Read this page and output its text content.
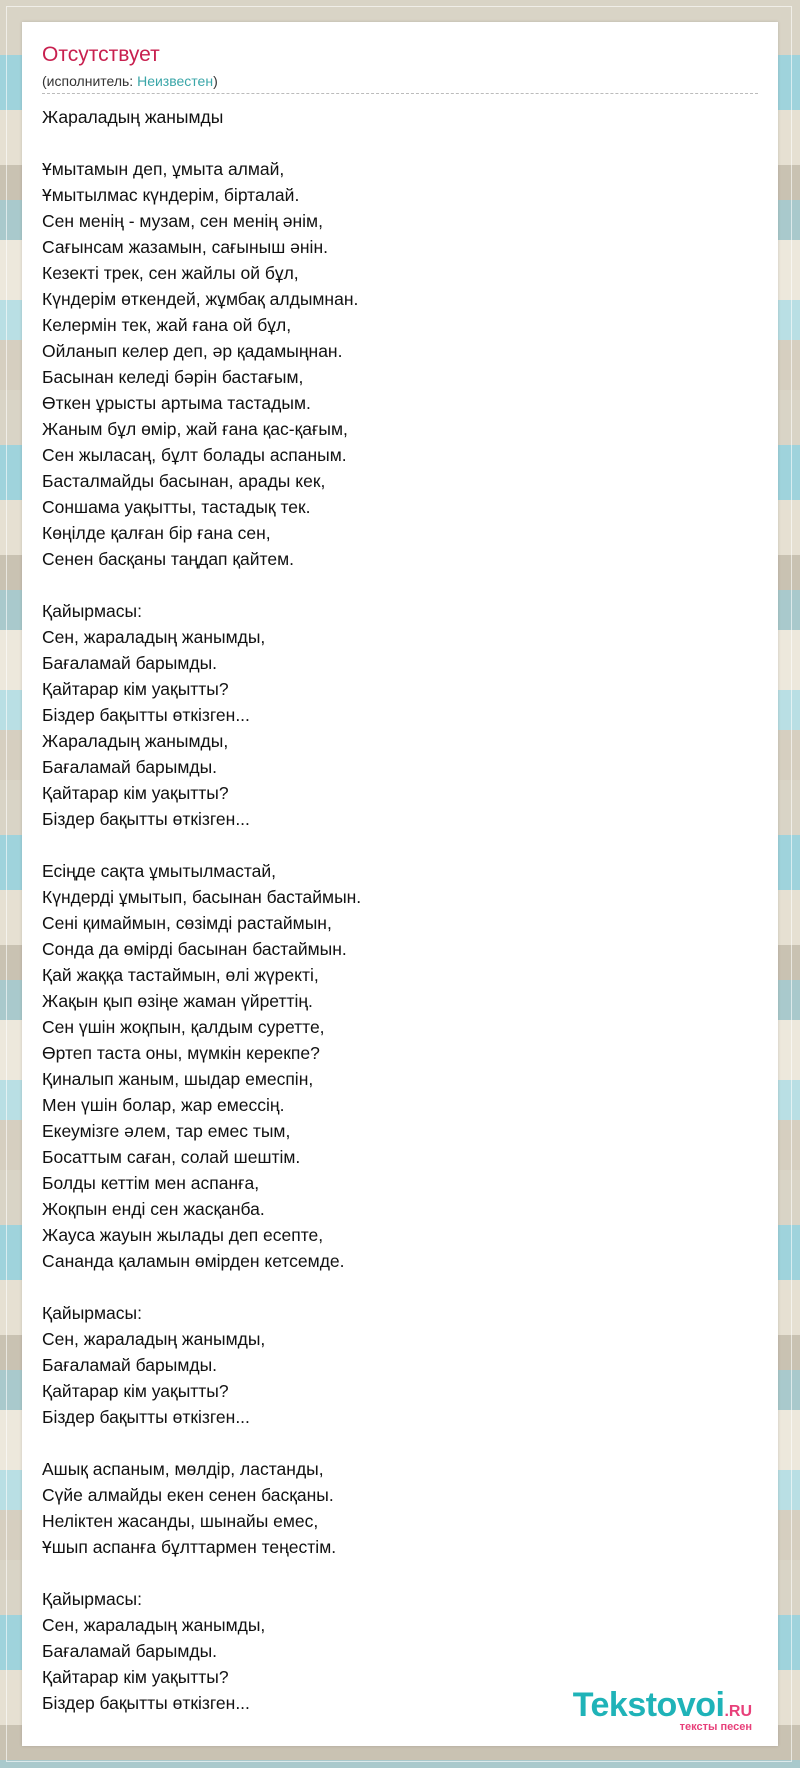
Отсутствует
(исполнитель: Неизвестен)
Жараладың жанымды
Ұмытамын деп, ұмыта алмай,
Ұмытылмас күндерім, бірталай.
Сен менің - музам, сен менің әнім,
Сағынсам жазамын, сағыныш әнін.
Кезекті трек, сен жайлы ой бұл,
Күндерім өткендей, жұмбақ алдымнан.
Келермін тек, жай ғана ой бұл,
Ойланып келер деп, әр қадамыңнан.
Басынан келеді бәрін бастағым,
Өткен ұрысты артыма тастадым.
Жаным бұл өмір, жай ғана қас-қағым,
Сен жыласаң, бұлт болады аспаным.
Басталмайды басынан, арады кек,
Соншама уақытты, тастадық тек.
Көңілде қалған бір ғана сен,
Сенен басқаны таңдап қайтем.
Қайырмасы:
Сен, жараладың жанымды,
Бағаламай барымды.
Қайтарар кім уақытты?
Біздер бақытты өткізген...
Жараладың жанымды,
Бағаламай барымды.
Қайтарар кім уақытты?
Біздер бақытты өткізген...
Есіңде сақта ұмытылмастай,
Күндерді ұмытып, басынан бастаймын.
Сені қимаймын, сөзімді растаймын,
Сонда да өмірді басынан бастаймын.
Қай жаққа тастаймын, өлі жүректі,
Жақын қып өзіңе жаман үйреттің.
Сен үшін жоқпын, қалдым суретте,
Өртеп таста оны, мүмкін керекпе?
Қиналып жаным, шыдар емеспін,
Мен үшін болар, жар емессің.
Екеумізге әлем, тар емес тым,
Босаттым саған, солай шештім.
Болды кеттім мен аспанға,
Жоқпын енді сен жасқанба.
Жауса жауын жылады деп есепте,
Сананда қаламын өмірден кетсемде.
Қайырмасы:
Сен, жараладың жанымды,
Бағаламай барымды.
Қайтарар кім уақытты?
Біздер бақытты өткізген...
Ашық аспаным, мөлдір, ластанды,
Сүйе алмайды екен сенен басқаны.
Неліктен жасанды, шынайы емес,
Ұшып аспанға бұлттармен теңестім.
Қайырмасы:
Сен, жараладың жанымды,
Бағаламай барымды.
Қайтарар кім уақытты?
Біздер бақытты өткізген...	Tekstovoi.RU
тексты песен
